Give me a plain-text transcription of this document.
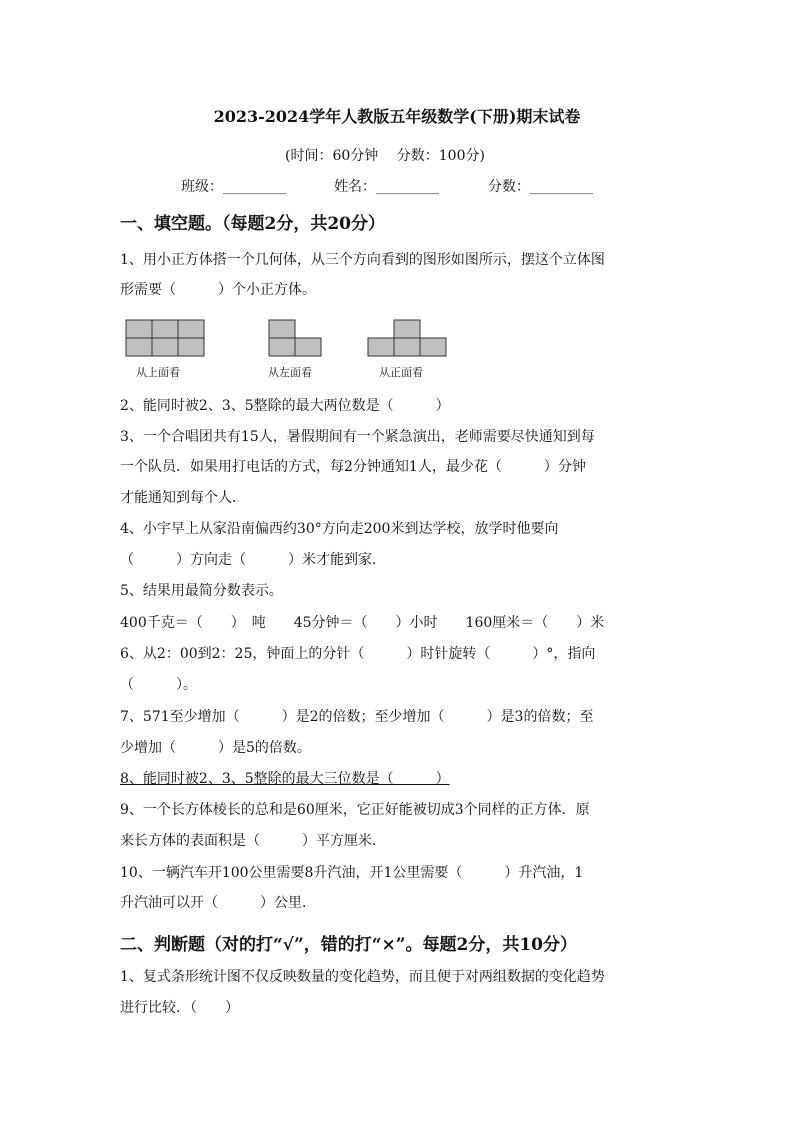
2023-2024学年人教版五年级数学(下册)期末试卷
(时间：60分钟　 分数：100分)
班级：_________	姓名：_________	分数：_________
一、填空题。（每题2分，共20分）
1、用小正方体搭一个几何体，从三个方向看到的图形如图所示，摆这个立体图
形需要（　　　）个小正方体。
从上面看	从左面看	从正面看
2、能同时被2、3、5整除的最大两位数是（　　　）
3、一个合唱团共有15人，暑假期间有一个紧急演出，老师需要尽快通知到每
一个队员．如果用打电话的方式，每2分钟通知1人，最少花（　　　）分钟
才能通知到每个人．
4、小宇早上从家沿南偏西约30°方向走200米到达学校，放学时他要向
（　　　）方向走（　　　）米才能到家．
5、结果用最简分数表示。
400千克＝（　　）　吨　　45分钟＝（　　）小时　　160厘米＝（　　）米
6、从2：00到2：25，钟面上的分针（　　　）时针旋转（　　　）°，指向
（　　　）。
7、571至少增加（　　　）是2的倍数；至少增加（　　　）是3的倍数；至
少增加（　　　）是5的倍数。
8、能同时被2、3、5整除的最大三位数是（　　　）
9、一个长方体棱长的总和是60厘米，它正好能被切成3个同样的正方体．原
来长方体的表面积是（　　　）平方厘米．
10、一辆汽车开100公里需要8升汽油，开1公里需要（　　　）升汽油，1
升汽油可以开（　　　）公里．
二、判断题（对的打“√”，错的打“×”。每题2分，共10分）
1、复式条形统计图不仅反映数量的变化趋势，而且便于对两组数据的变化趋势
进行比较．（　　）
